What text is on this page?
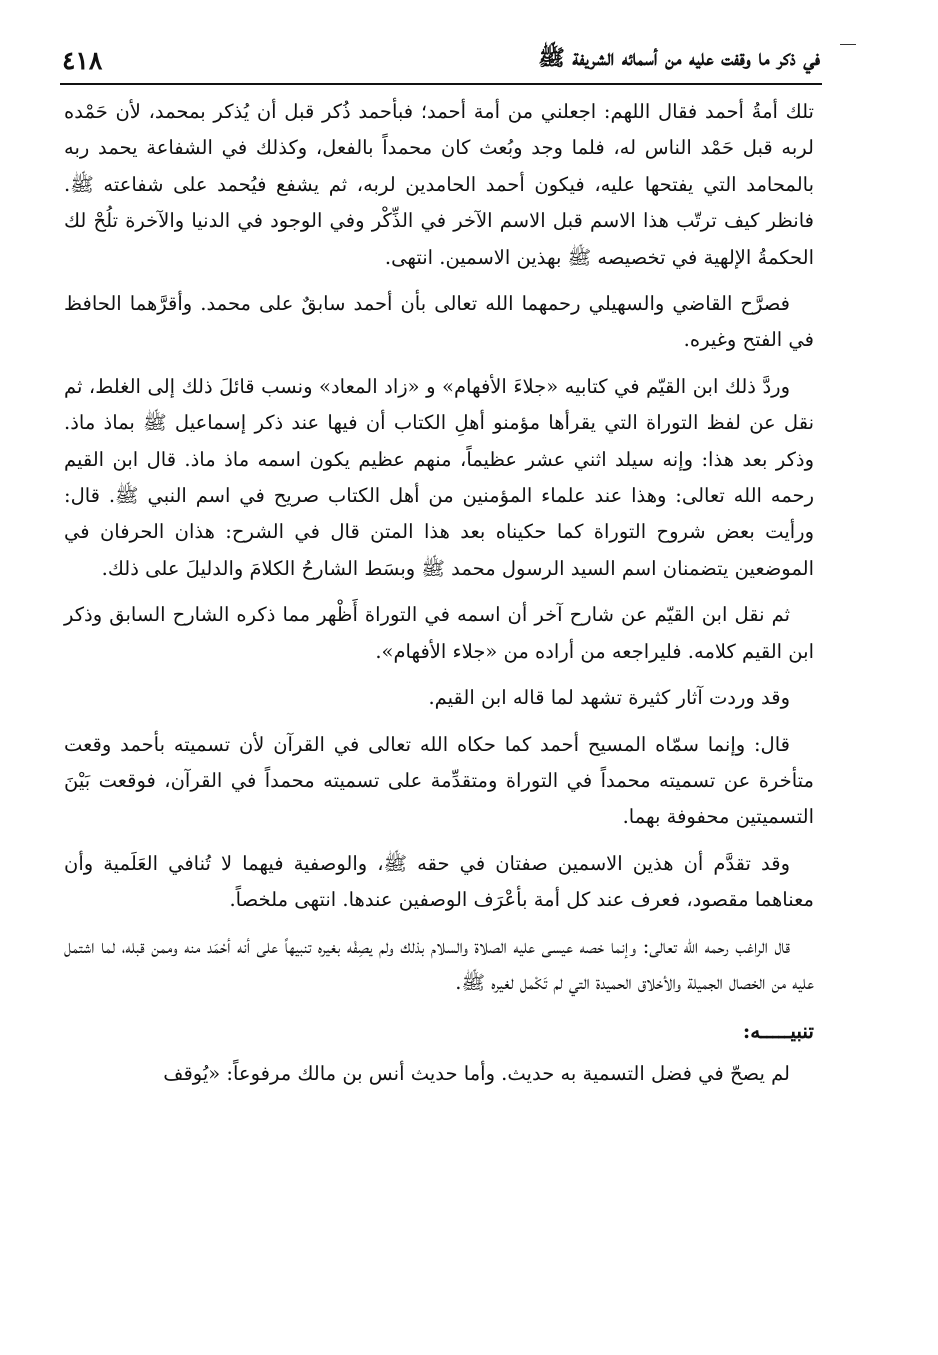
في ذكر ما وقفت عليه من أسمائه الشريفة ﷺ
٤١٨

تلك أمةُ أحمد فقال اللهم: اجعلني من أمة أحمد؛ فبأحمد ذُكر قبل أن يُذكر بمحمد، لأن حَمْده لربه قبل حَمْد الناس له، فلما وجد وبُعث كان محمداً بالفعل، وكذلك في الشفاعة يحمد ربه بالمحامد التي يفتحها عليه، فيكون أحمد الحامدين لربه، ثم يشفع فيُحمد على شفاعته ﷺ. فانظر كيف ترتّب هذا الاسم قبل الاسم الآخر في الذِّكْر وفي الوجود في الدنيا والآخرة تلُحْ لك الحكمةُ الإلهية في تخصيصه ﷺ بهذين الاسمين. انتهى.

فصرَّح القاضي والسهيلي رحمهما الله تعالى بأن أحمد سابقٌ على محمد. وأقرَّهما الحافظ في الفتح وغيره.

وردَّ ذلك ابن القيّم في كتابيه «جلاءَ الأفهام» و «زاد المعاد» ونسب قائلَ ذلك إلى الغلط، ثم نقل عن لفظ التوراة التي يقرأها مؤمنو أهلِ الكتاب أن فيها عند ذكر إسماعيل ﷺ بماذ ماذ. وذكر بعد هذا: وإنه سيلد اثني عشر عظيماً، منهم عظيم يكون اسمه ماذ ماذ. قال ابن القيم رحمه الله تعالى: وهذا عند علماء المؤمنين من أهل الكتاب صريح في اسم النبي ﷺ. قال: ورأيت بعض شروح التوراة كما حكيناه بعد هذا المتن قال في الشرح: هذان الحرفان في الموضعين يتضمنان اسم السيد الرسول محمد ﷺ وبسَط الشارحُ الكلامَ والدليلَ على ذلك.

ثم نقل ابن القيّم عن شارح آخر أن اسمه في التوراة أَظْهر مما ذكره الشارح السابق وذكر ابن القيم كلامه. فليراجعه من أراده من «جلاء الأفهام».

وقد وردت آثار كثيرة تشهد لما قاله ابن القيم.

قال: وإنما سمّاه المسيح أحمد كما حكاه الله تعالى في القرآن لأن تسميته بأحمد وقعت متأخرة عن تسميته محمداً في التوراة ومتقدِّمة على تسميته محمداً في القرآن، فوقعت بَيْنَ التسميتين محفوفة بهما.

وقد تقدَّم أن هذين الاسمين صفتان في حقه ﷺ، والوصفية فيهما لا تُنافي العَلَمية وأن معناهما مقصود، فعرف عند كل أمة بأعْرَف الوصفين عندها. انتهى ملخصاً.

قال الراغب رحمه الله تعالى: وإنما خصه عيسى عليه الصلاة والسلام بذلك ولم يصِفْه بغيره تنبيهاً على أنه أحْمَد منه وممن قبله، لما اشتمل عليه من الخصال الجميلة والأخلاق الحميدة التي لم تَكْمل لغيره ﷺ.

تنبيـــــه:

لم يصحّ في فضل التسمية به حديث. وأما حديث أنس بن مالك مرفوعاً: «يُوقف
